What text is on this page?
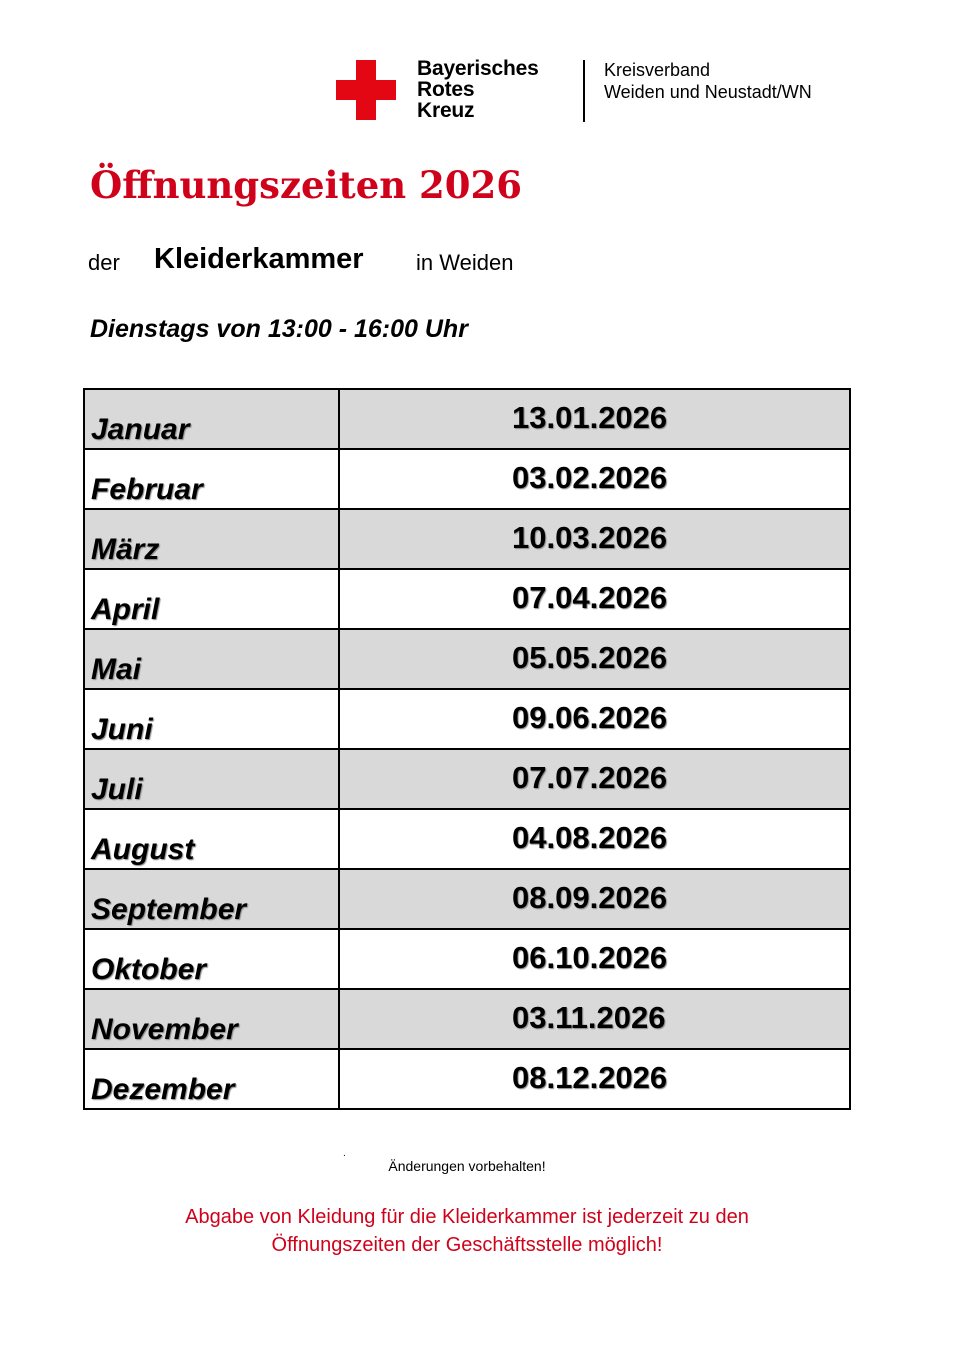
Bayerisches
Rotes
Kreuz
Kreisverband
Weiden und Neustadt/WN
Öffnungszeiten 2026
der Kleiderkammer in Weiden
Dienstags von 13:00 - 16:00 Uhr
Januar	13.01.2026

Februar	03.02.2026

März	10.03.2026

April	07.04.2026

Mai	05.05.2026

Juni	09.06.2026

Juli	07.07.2026

August	04.08.2026

September	08.09.2026

Oktober	06.10.2026

November	03.11.2026

Dezember	08.12.2026
.
Änderungen vorbehalten!
Abgabe von Kleidung für die Kleiderkammer ist jederzeit zu den
Öffnungszeiten der Geschäftsstelle möglich!
